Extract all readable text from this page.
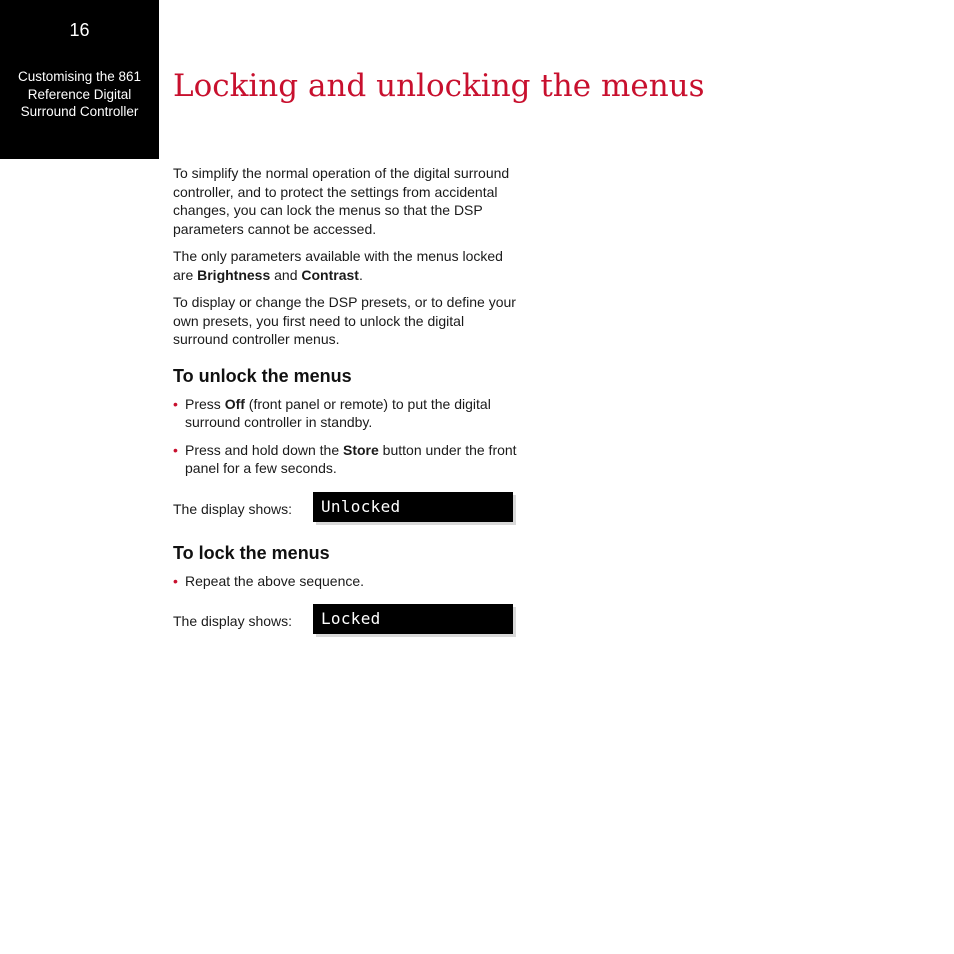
16
Customising the 861
Reference Digital
Surround Controller
Locking and unlocking the menus

To simplify the normal operation of the digital surround controller, and to protect the settings from accidental changes, you can lock the menus so that the DSP parameters cannot be accessed.

The only parameters available with the menus locked are Brightness and Contrast.

To display or change the DSP presets, or to define your own presets, you first need to unlock the digital surround controller menus.

To unlock the menus
• Press Off (front panel or remote) to put the digital surround controller in standby.
• Press and hold down the Store button under the front panel for a few seconds.
The display shows: Unlocked
To lock the menus
• Repeat the above sequence.
The display shows: Locked
